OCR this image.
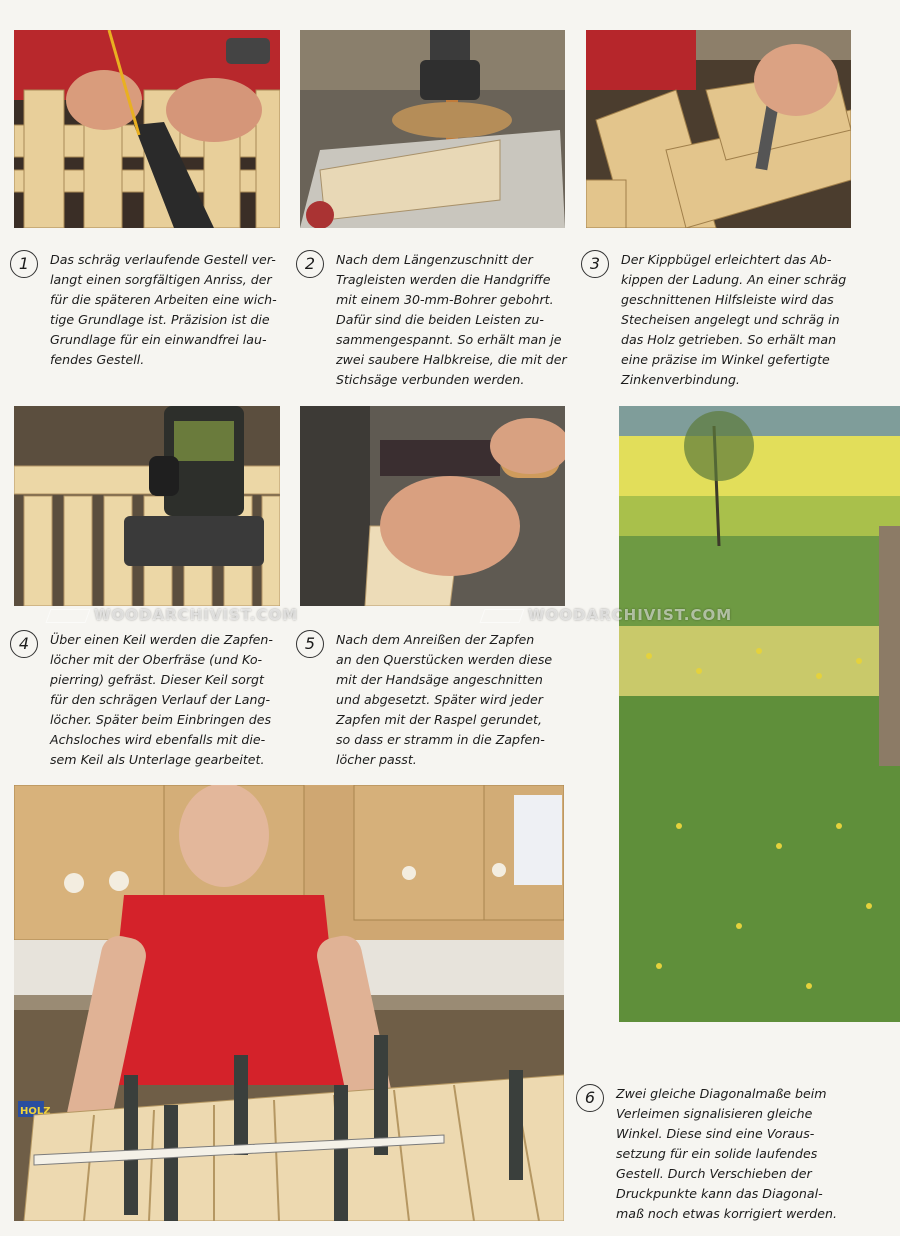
1	Das schräg verlaufende Gestell ver-
langt einen sorgfältigen Anriss, der
für die späteren Arbeiten eine wich-
tige Grundlage ist. Präzision ist die
Grundlage für ein einwandfrei lau-
fendes Gestell.

2	Nach dem Längenzuschnitt der
Tragleisten werden die Handgriffe
mit einem 30-mm-Bohrer gebohrt.
Dafür sind die beiden Leisten zu-
sammengespannt. So erhält man je
zwei saubere Halbkreise, die mit der
Stichsäge verbunden werden.

3	Der Kippbügel erleichtert das Ab-
kippen der Ladung. An einer schräg
geschnittenen Hilfsleiste wird das
Stecheisen angelegt und schräg in
das Holz getrieben. So erhält man
eine präzise im Winkel gefertigte
Zinkenverbindung.

WOODARCHIVIST.COM	WOODARCHIVIST.COM
4	Über einen Keil werden die Zapfen-
löcher mit der Oberfräse (und Ko-
pierring) gefräst. Dieser Keil sorgt
für den schrägen Verlauf der Lang-
löcher. Später beim Einbringen des
Achsloches wird ebenfalls mit die-
sem Keil als Unterlage gearbeitet.

5	Nach dem Anreißen der Zapfen
an den Querstücken werden diese
mit der Handsäge angeschnitten
und abgesetzt. Später wird jeder
Zapfen mit der Raspel gerundet,
so dass er stramm in die Zapfen-
löcher passt.

HOLZ
6	Zwei gleiche Diagonalmaße beim
Verleimen signalisieren gleiche
Winkel. Diese sind eine Voraus-
setzung für ein solide laufendes
Gestell. Durch Verschieben der
Druckpunkte kann das Diagonal-
maß noch etwas korrigiert werden.
